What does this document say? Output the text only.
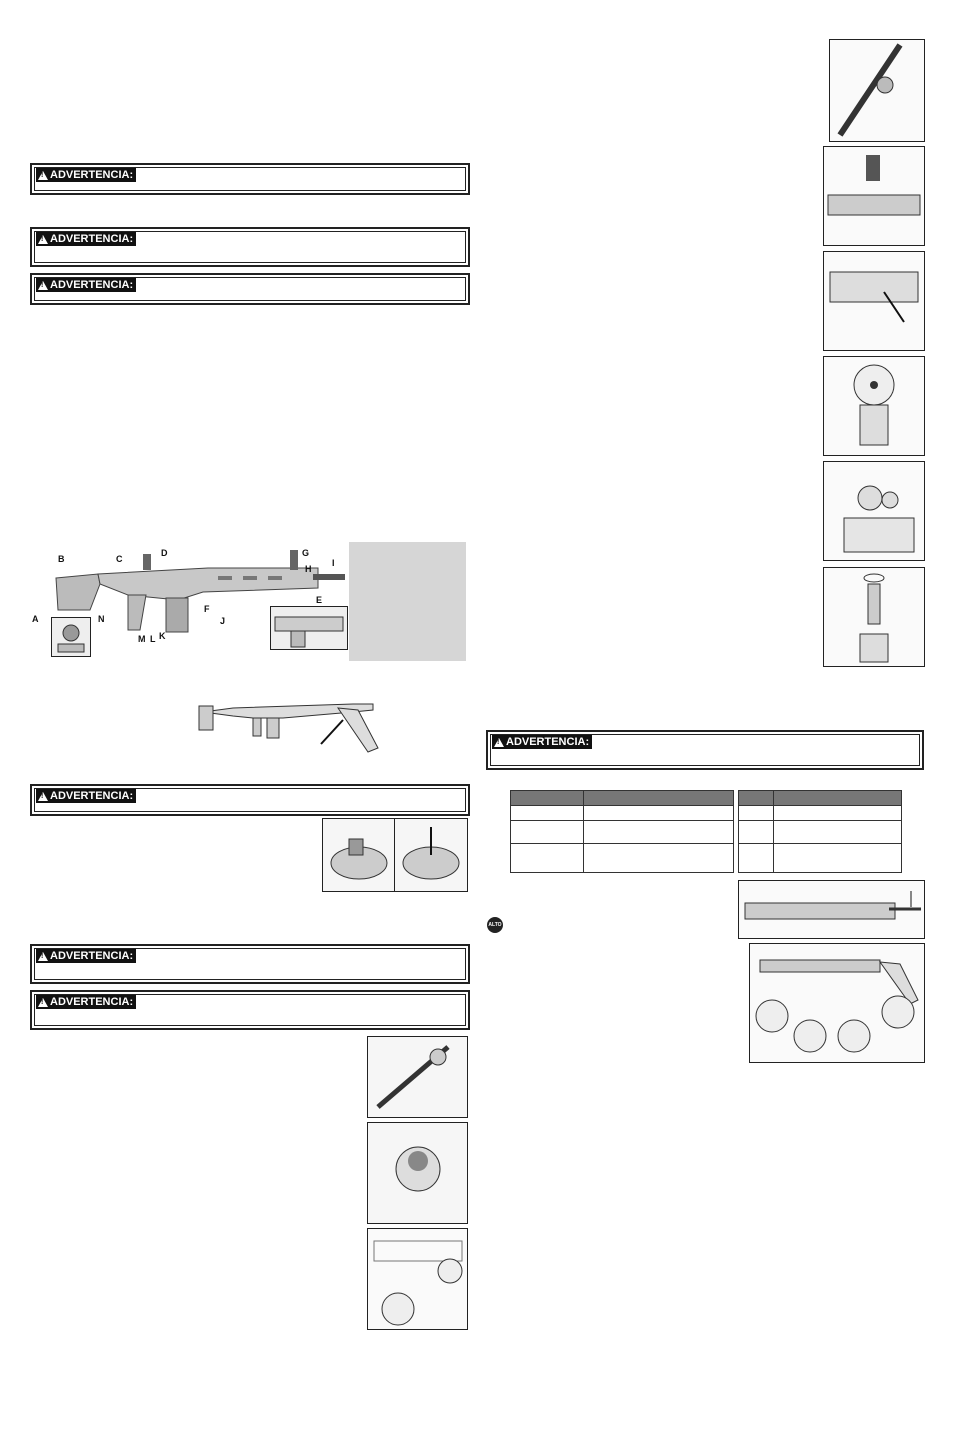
!
ADVERTENCIA:
!
ADVERTENCIA:
!
ADVERTENCIA:
A
B	C
D
E
F
G
H
I
J
K
L
M
N
!
ADVERTENCIA:
!
ADVERTENCIA:
!
ADVERTENCIA:
!
ADVERTENCIA:

ALTO
